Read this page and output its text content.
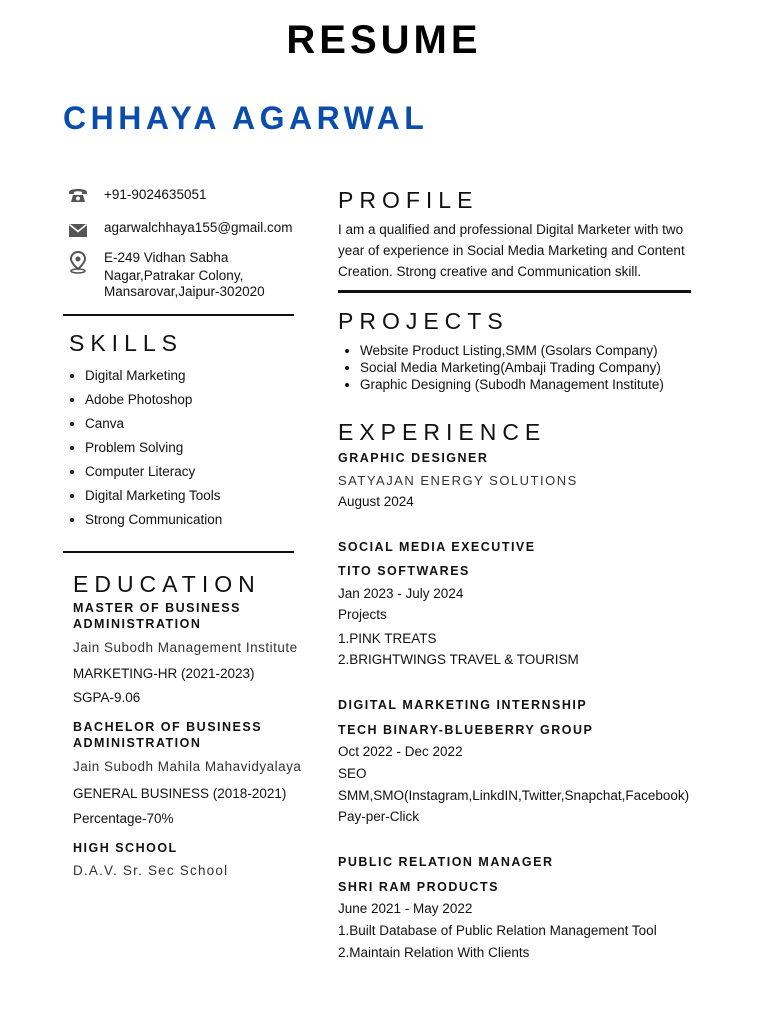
RESUME
CHHAYA AGARWAL
+91-9024635051
agarwalchhaya155@gmail.com
E-249 Vidhan Sabha
Nagar,Patrakar Colony,
Mansarovar,Jaipur-302020
SKILLS
• Digital Marketing
• Adobe Photoshop
• Canva
• Problem Solving
• Computer Literacy
• Digital Marketing Tools
• Strong Communication
EDUCATION
MASTER OF BUSINESS ADMINISTRATION
Jain Subodh Management Institute
MARKETING-HR (2021-2023)
SGPA-9.06
BACHELOR OF BUSINESS ADMINISTRATION
Jain Subodh Mahila Mahavidyalaya
GENERAL BUSINESS (2018-2021)
Percentage-70%
HIGH SCHOOL
D.A.V. Sr. Sec School
PROFILE
I am a qualified and professional Digital Marketer with two
year of experience in Social Media Marketing and Content
Creation. Strong creative and Communication skill.
PROJECTS
• Website Product Listing,SMM (Gsolars Company)
• Social Media Marketing(Ambaji Trading Company)
• Graphic Designing (Subodh Management Institute)
EXPERIENCE
GRAPHIC DESIGNER
SATYAJAN ENERGY SOLUTIONS
August 2024
SOCIAL MEDIA EXECUTIVE
TITO SOFTWARES
Jan 2023 - July 2024
Projects
1.PINK TREATS
2.BRIGHTWINGS TRAVEL & TOURISM
DIGITAL MARKETING INTERNSHIP
TECH BINARY-BLUEBERRY GROUP
Oct 2022 - Dec 2022
SEO
SMM,SMO(Instagram,LinkdIN,Twitter,Snapchat,Facebook)
Pay-per-Click
PUBLIC RELATION MANAGER
SHRI RAM PRODUCTS
June 2021 - May 2022
1.Built Database of Public Relation Management Tool
2.Maintain Relation With Clients
